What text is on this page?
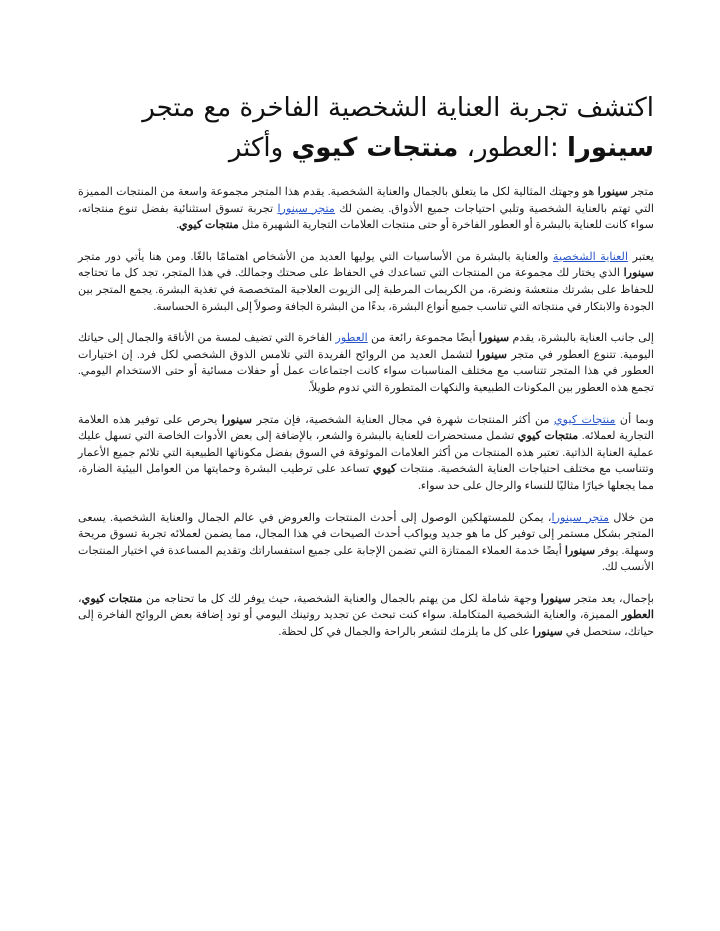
اكتشف تجربة العناية الشخصية الفاخرة مع متجر
سينورا :العطور، منتجات كيوي وأكثر

متجر سينورا هو وجهتك المثالية لكل ما يتعلق بالجمال والعناية الشخصية. يقدم هذا المتجر مجموعة واسعة من المنتجات المميزة التي تهتم بالعناية الشخصية وتلبي احتياجات جميع الأذواق. يضمن لك متجر سينورا تجربة تسوق استثنائية بفضل تنوع منتجاته، سواء كانت للعناية بالبشرة أو العطور الفاخرة أو حتى منتجات العلامات التجارية الشهيرة مثل منتجات كيوي.

يعتبر العناية الشخصية والعناية بالبشرة من الأساسيات التي يوليها العديد من الأشخاص اهتمامًا بالغًا. ومن هنا يأتي دور متجر سينورا الذي يختار لك مجموعة من المنتجات التي تساعدك في الحفاظ على صحتك وجمالك. في هذا المتجر، تجد كل ما تحتاجه للحفاظ على بشرتك منتعشة ونضرة، من الكريمات المرطبة إلى الزيوت العلاجية المتخصصة في تغذية البشرة. يجمع المتجر بين الجودة والابتكار في منتجاته التي تناسب جميع أنواع البشرة، بدءًا من البشرة الجافة وصولاً إلى البشرة الحساسة.

إلى جانب العناية بالبشرة، يقدم سينورا أيضًا مجموعة رائعة من العطور الفاخرة التي تضيف لمسة من الأناقة والجمال إلى حياتك اليومية. تتنوع العطور في متجر سينورا لتشمل العديد من الروائح الفريدة التي تلامس الذوق الشخصي لكل فرد. إن اختيارات العطور في هذا المتجر تتناسب مع مختلف المناسبات سواء كانت اجتماعات عمل أو حفلات مسائية أو حتى الاستخدام اليومي. تجمع هذه العطور بين المكونات الطبيعية والنكهات المتطورة التي تدوم طويلاً.

وبما أن منتجات كيوي من أكثر المنتجات شهرة في مجال العناية الشخصية، فإن متجر سينورا يحرص على توفير هذه العلامة التجارية لعملائه. منتجات كيوي تشمل مستحضرات للعناية بالبشرة والشعر، بالإضافة إلى بعض الأدوات الخاصة التي تسهل عليك عملية العناية الذاتية. تعتبر هذه المنتجات من أكثر العلامات الموثوقة في السوق بفضل مكوناتها الطبيعية التي تلائم جميع الأعمار وتتناسب مع مختلف احتياجات العناية الشخصية. منتجات كيوي تساعد على ترطيب البشرة وحمايتها من العوامل البيئية الضارة، مما يجعلها خيارًا مثاليًا للنساء والرجال على حد سواء.

من خلال متجر سينورا، يمكن للمستهلكين الوصول إلى أحدث المنتجات والعروض في عالم الجمال والعناية الشخصية. يسعى المتجر بشكل مستمر إلى توفير كل ما هو جديد ويواكب أحدث الصيحات في هذا المجال، مما يضمن لعملائه تجربة تسوق مريحة وسهلة. يوفر سينورا أيضًا خدمة العملاء الممتازة التي تضمن الإجابة على جميع استفساراتك وتقديم المساعدة في اختيار المنتجات الأنسب لك.

بإجمال، يعد متجر سينورا وجهة شاملة لكل من يهتم بالجمال والعناية الشخصية، حيث يوفر لك كل ما تحتاجه من منتجات كيوي، العطور المميزة، والعناية الشخصية المتكاملة. سواء كنت تبحث عن تجديد روتينك اليومي أو تود إضافة بعض الروائح الفاخرة إلى حياتك، ستحصل في سينورا على كل ما يلزمك لتشعر بالراحة والجمال في كل لحظة.
